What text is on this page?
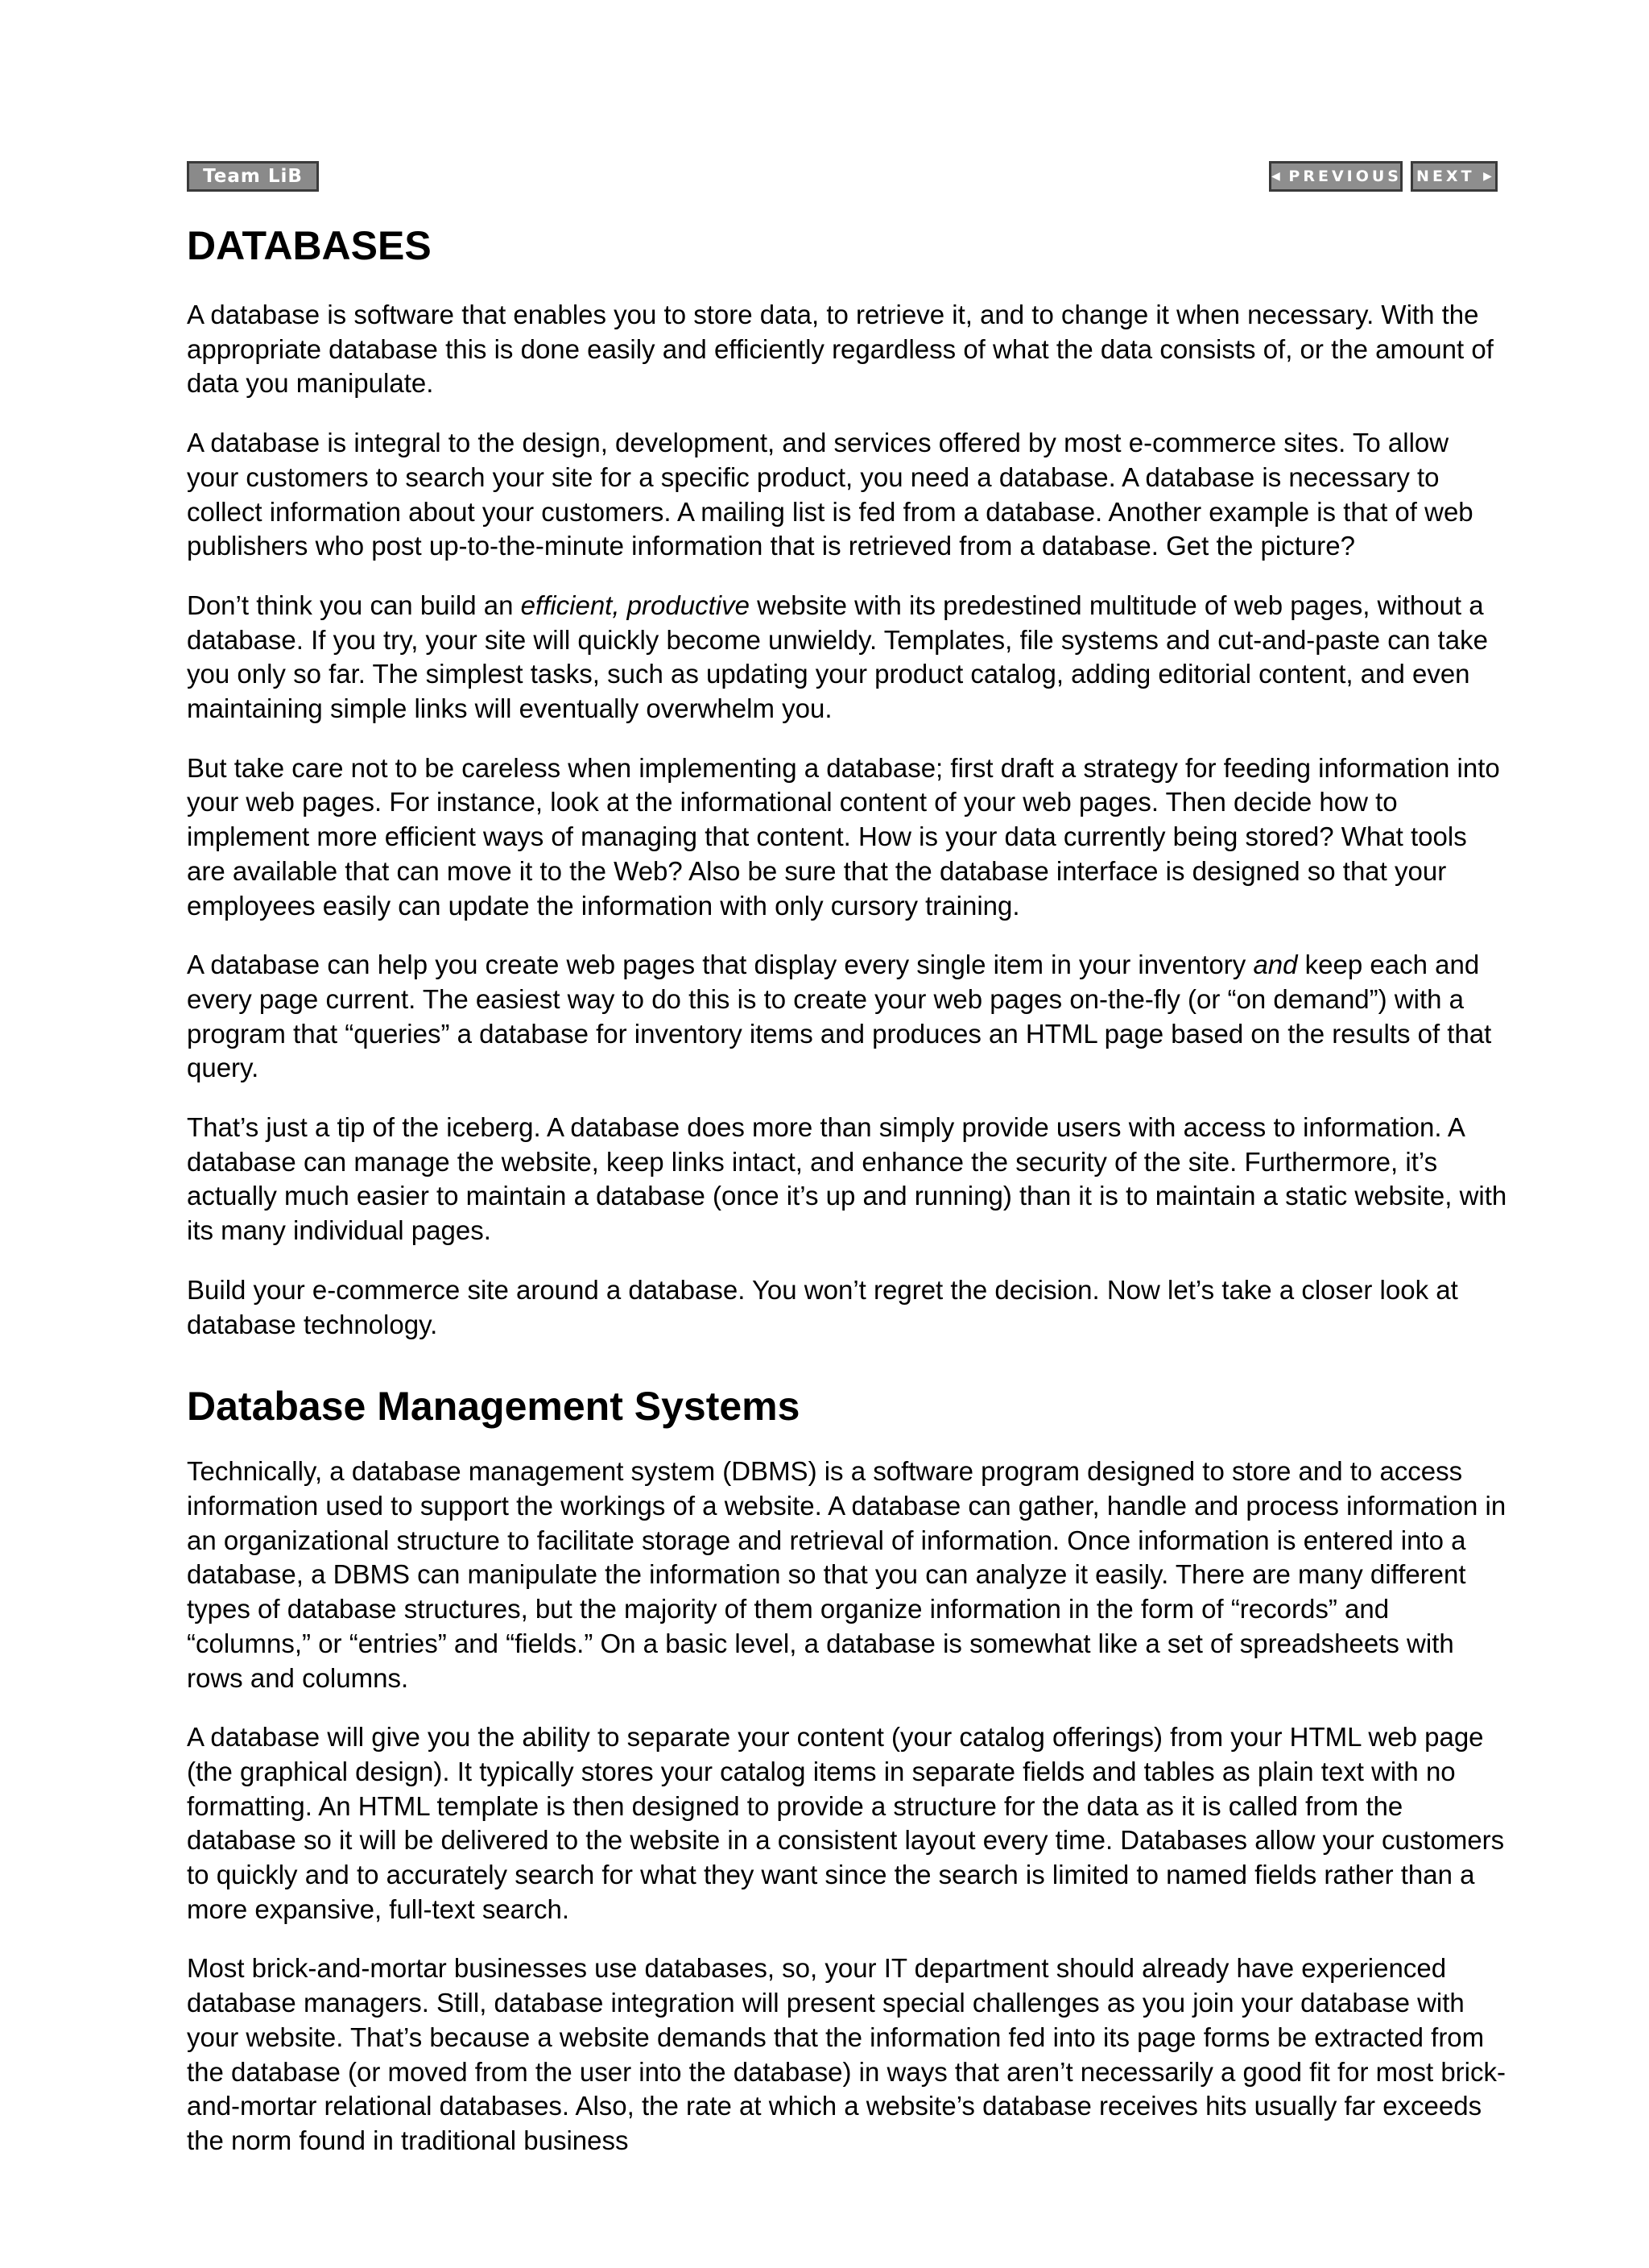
Team LiB	◀ PREVIOUS NEXT ▶
DATABASES

A database is software that enables you to store data, to retrieve it, and to change it when necessary. With the appropriate database this is done easily and efficiently regardless of what the data consists of, or the amount of data you manipulate.

A database is integral to the design, development, and services offered by most e-commerce sites. To allow your customers to search your site for a specific product, you need a database. A database is necessary to collect information about your customers. A mailing list is fed from a database. Another example is that of web publishers who post up-to-the-minute information that is retrieved from a database. Get the picture?

Don’t think you can build an efficient, productive website with its predestined multitude of web pages, without a database. If you try, your site will quickly become unwieldy. Templates, file systems and cut-and-paste can take you only so far. The simplest tasks, such as updating your product catalog, adding editorial content, and even maintaining simple links will eventually overwhelm you.

But take care not to be careless when implementing a database; first draft a strategy for feeding information into your web pages. For instance, look at the informational content of your web pages. Then decide how to implement more efficient ways of managing that content. How is your data currently being stored? What tools are available that can move it to the Web? Also be sure that the database interface is designed so that your employees easily can update the information with only cursory training.

A database can help you create web pages that display every single item in your inventory and keep each and every page current. The easiest way to do this is to create your web pages on-the-fly (or “on demand”) with a program that “queries” a database for inventory items and produces an HTML page based on the results of that query.

That’s just a tip of the iceberg. A database does more than simply provide users with access to information. A database can manage the website, keep links intact, and enhance the security of the site. Furthermore, it’s actually much easier to maintain a database (once it’s up and running) than it is to maintain a static website, with its many individual pages.

Build your e-commerce site around a database. You won’t regret the decision. Now let’s take a closer look at database technology.

Database Management Systems

Technically, a database management system (DBMS) is a software program designed to store and to access information used to support the workings of a website. A database can gather, handle and process information in an organizational structure to facilitate storage and retrieval of information. Once information is entered into a database, a DBMS can manipulate the information so that you can analyze it easily. There are many different types of database structures, but the majority of them organize information in the form of “records” and “columns,” or “entries” and “fields.” On a basic level, a database is somewhat like a set of spreadsheets with rows and columns.

A database will give you the ability to separate your content (your catalog offerings) from your HTML web page (the graphical design). It typically stores your catalog items in separate fields and tables as plain text with no formatting. An HTML template is then designed to provide a structure for the data as it is called from the database so it will be delivered to the website in a consistent layout every time. Databases allow your customers to quickly and to accurately search for what they want since the search is limited to named fields rather than a more expansive, full-text search.

Most brick-and-mortar businesses use databases, so, your IT department should already have experienced database managers. Still, database integration will present special challenges as you join your database with your website. That’s because a website demands that the information fed into its page forms be extracted from the database (or moved from the user into the database) in ways that aren’t necessarily a good fit for most brick-and-mortar relational databases. Also, the rate at which a website’s database receives hits usually far exceeds the norm found in traditional business
